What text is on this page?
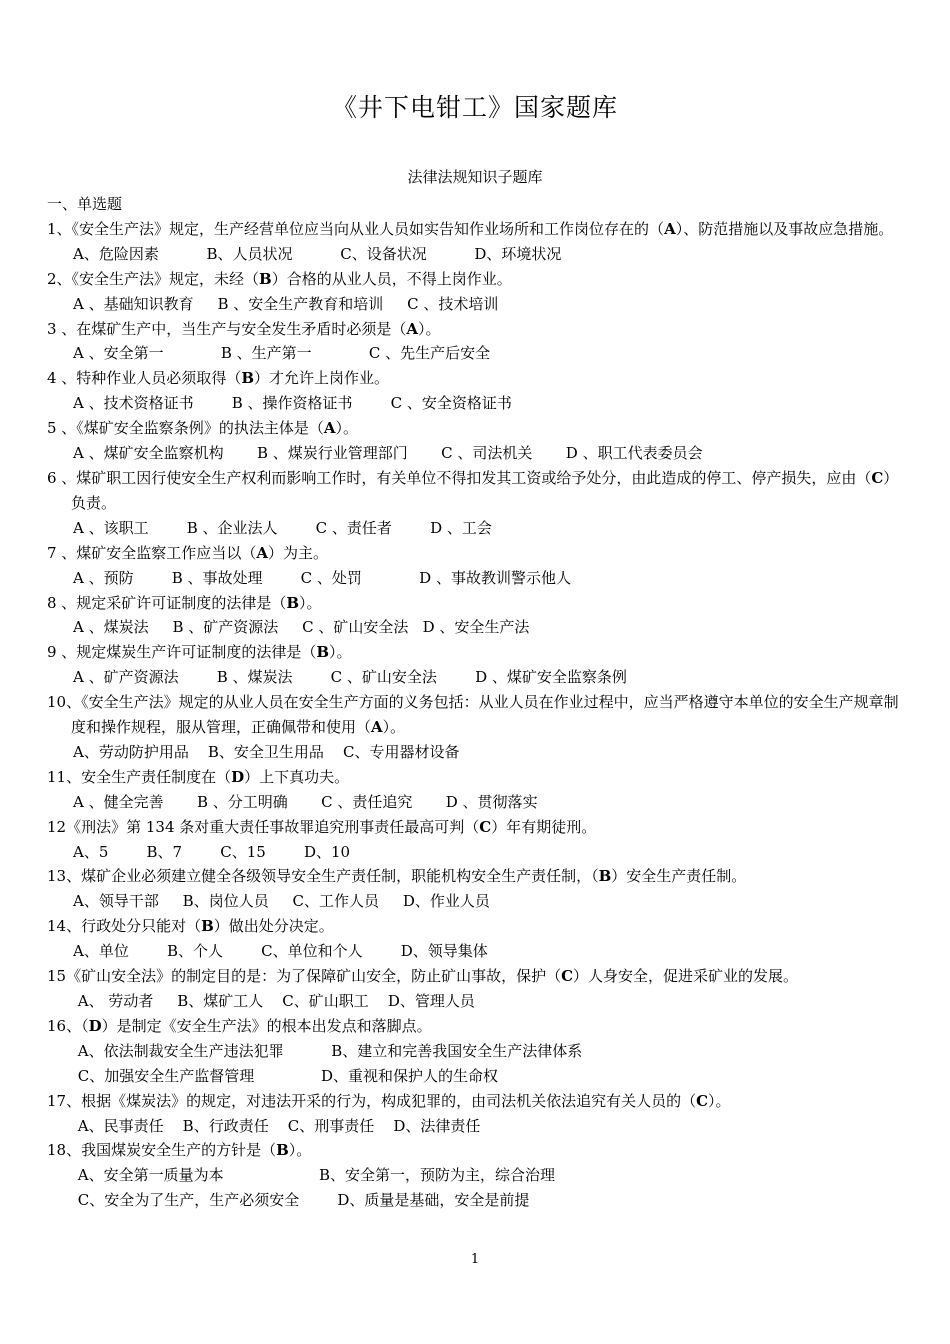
《井下电钳工》国家题库
法律法规知识子题库
一、单选题
1、《安全生产法》规定，生产经营单位应当向从业人员如实告知作业场所和工作岗位存在的（A）、防范措施以及事故应急措施。
A、危险因素          B、人员状况          C、设备状况          D、环境状况
2、《安全生产法》规定，未经（B）合格的从业人员，不得上岗作业。
A 、基础知识教育     B 、安全生产教育和培训     C 、技术培训
3 、在煤矿生产中，当生产与安全发生矛盾时必须是（A）。
A 、安全第一            B 、生产第一            C 、先生产后安全
4 、特种作业人员必须取得（B）才允许上岗作业。
A 、技术资格证书        B 、操作资格证书        C 、安全资格证书
5 、《煤矿安全监察条例》的执法主体是（A）。
A 、煤矿安全监察机构       B 、煤炭行业管理部门       C 、司法机关       D 、职工代表委员会
6 、煤矿职工因行使安全生产权利而影响工作时，有关单位不得扣发其工资或给予处分，由此造成的停工、停产损失，应由（C）负责。
A 、该职工        B 、企业法人        C 、责任者        D 、工会
7 、煤矿安全监察工作应当以（A）为主。
A 、预防        B 、事故处理        C 、处罚            D 、事故教训警示他人
8 、规定采矿许可证制度的法律是（B）。
A 、煤炭法     B 、矿产资源法     C 、矿山安全法   D 、安全生产法
9 、规定煤炭生产许可证制度的法律是（B）。
A 、矿产资源法        B 、煤炭法        C 、矿山安全法        D 、煤矿安全监察条例
10、《安全生产法》规定的从业人员在安全生产方面的义务包括：从业人员在作业过程中，应当严格遵守本单位的安全生产规章制度和操作规程，服从管理，正确佩带和使用（A）。
A、劳动防护用品    B、安全卫生用品    C、专用器材设备
11、安全生产责任制度在（D）上下真功夫。
A 、健全完善       B 、分工明确       C 、责任追究       D 、贯彻落实
12《刑法》第 134 条对重大责任事故罪追究刑事责任最高可判（C）年有期徒刑。
A、5        B、7        C、15        D、10
13、煤矿企业必须建立健全各级领导安全生产责任制，职能机构安全生产责任制，（B）安全生产责任制。
A、领导干部     B、岗位人员     C、工作人员     D、作业人员
14、行政处分只能对（B）做出处分决定。
A、单位        B、个人        C、单位和个人        D、领导集体
15《矿山安全法》的制定目的是：为了保障矿山安全，防止矿山事故，保护（C）人身安全，促进采矿业的发展。
A、 劳动者     B、煤矿工人    C、矿山职工    D、管理人员
16、（D）是制定《安全生产法》的根本出发点和落脚点。
A、依法制裁安全生产违法犯罪          B、建立和完善我国安全生产法律体系
C、加强安全生产监督管理              D、重视和保护人的生命权
17、根据《煤炭法》的规定，对违法开采的行为，构成犯罪的，由司法机关依法追究有关人员的（C）。
A、民事责任    B、行政责任    C、刑事责任    D、法律责任
18、我国煤炭安全生产的方针是（B）。
A、安全第一质量为本                    B、安全第一，预防为主，综合治理
C、安全为了生产，生产必须安全        D、质量是基础，安全是前提
1
